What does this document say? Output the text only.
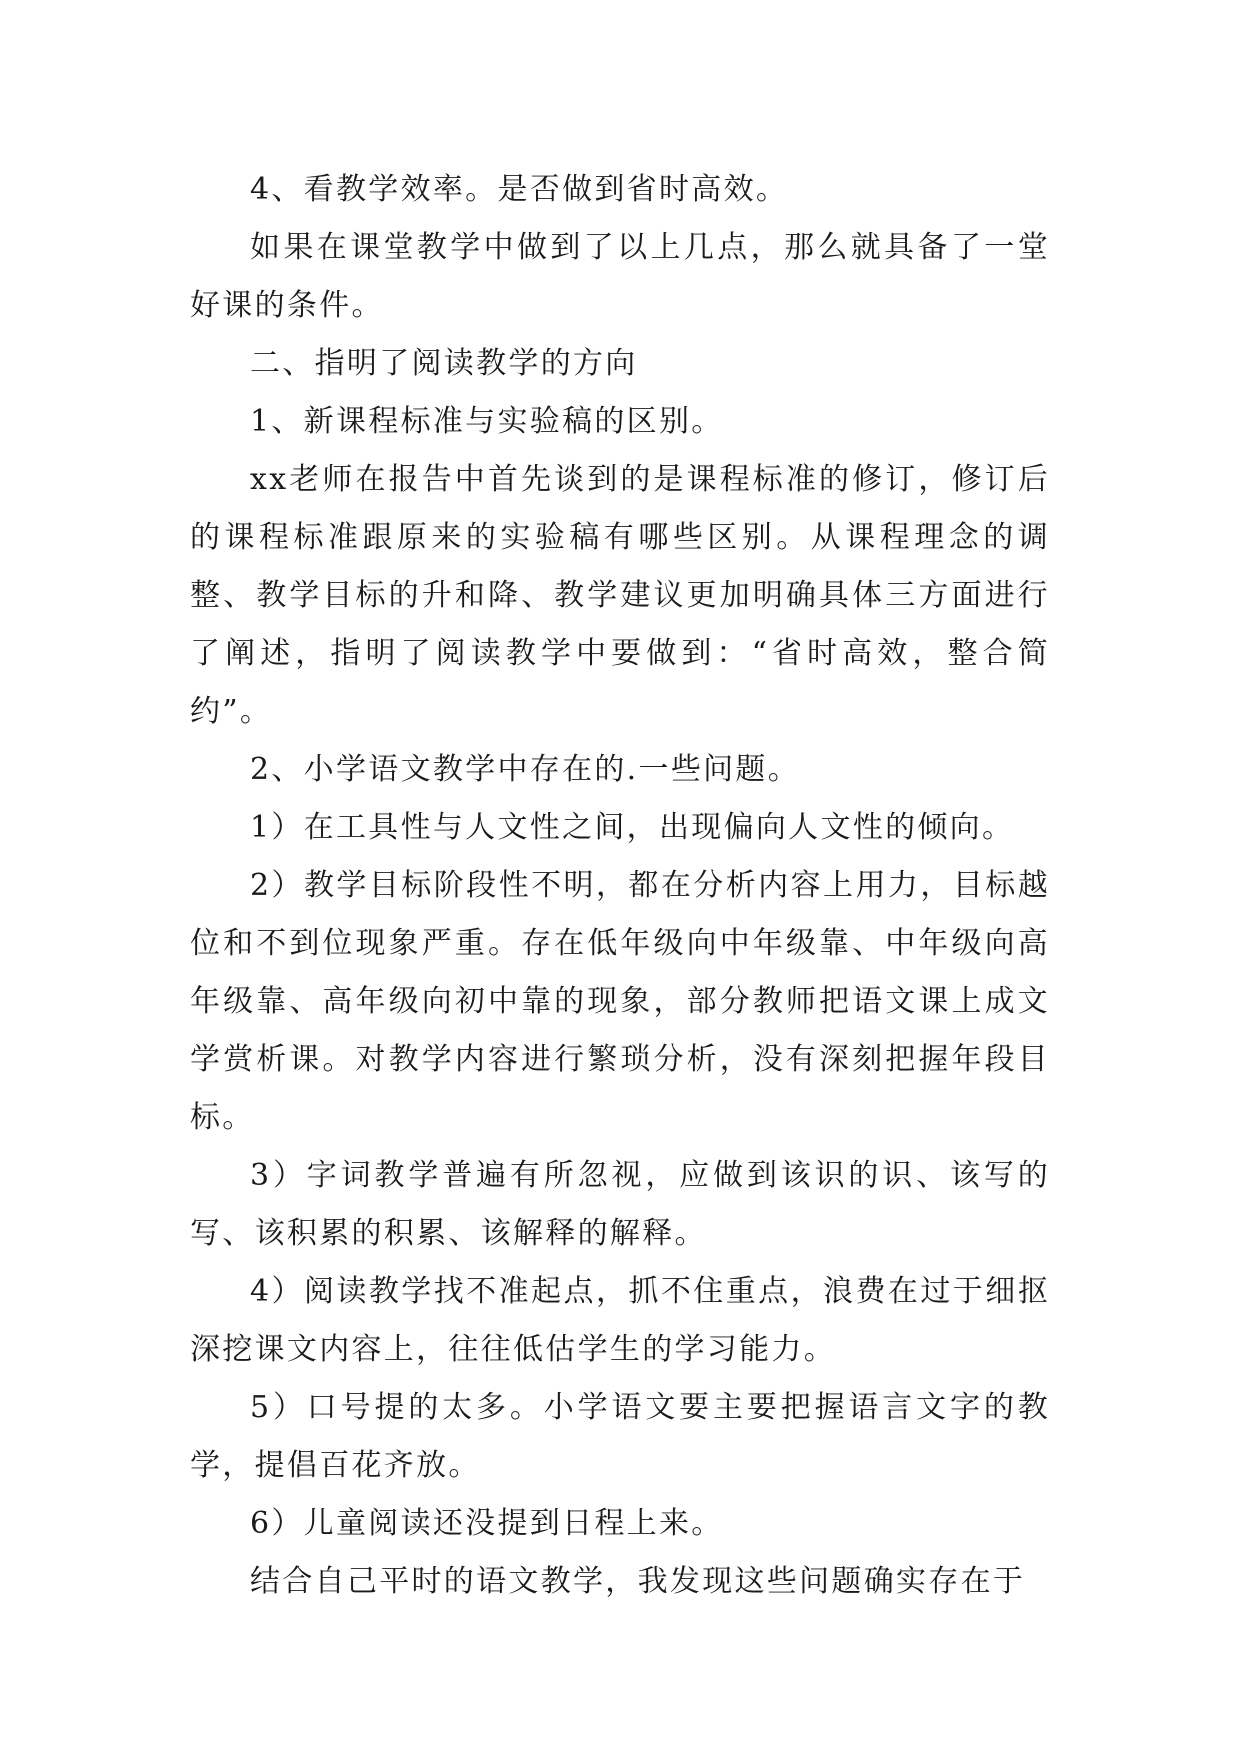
4、看教学效率。是否做到省时高效。

如果在课堂教学中做到了以上几点，那么就具备了一堂好课的条件。

二、指明了阅读教学的方向

1、新课程标准与实验稿的区别。

xx老师在报告中首先谈到的是课程标准的修订，修订后的课程标准跟原来的实验稿有哪些区别。从课程理念的调整、教学目标的升和降、教学建议更加明确具体三方面进行了阐述，指明了阅读教学中要做到：“省时高效，整合简约”。

2、小学语文教学中存在的.一些问题。

1）在工具性与人文性之间，出现偏向人文性的倾向。

2）教学目标阶段性不明，都在分析内容上用力，目标越位和不到位现象严重。存在低年级向中年级靠、中年级向高年级靠、高年级向初中靠的现象，部分教师把语文课上成文学赏析课。对教学内容进行繁琐分析，没有深刻把握年段目标。

3）字词教学普遍有所忽视，应做到该识的识、该写的写、该积累的积累、该解释的解释。

4）阅读教学找不准起点，抓不住重点，浪费在过于细抠深挖课文内容上，往往低估学生的学习能力。

5）口号提的太多。小学语文要主要把握语言文字的教学，提倡百花齐放。

6）儿童阅读还没提到日程上来。

结合自己平时的语文教学，我发现这些问题确实存在于
